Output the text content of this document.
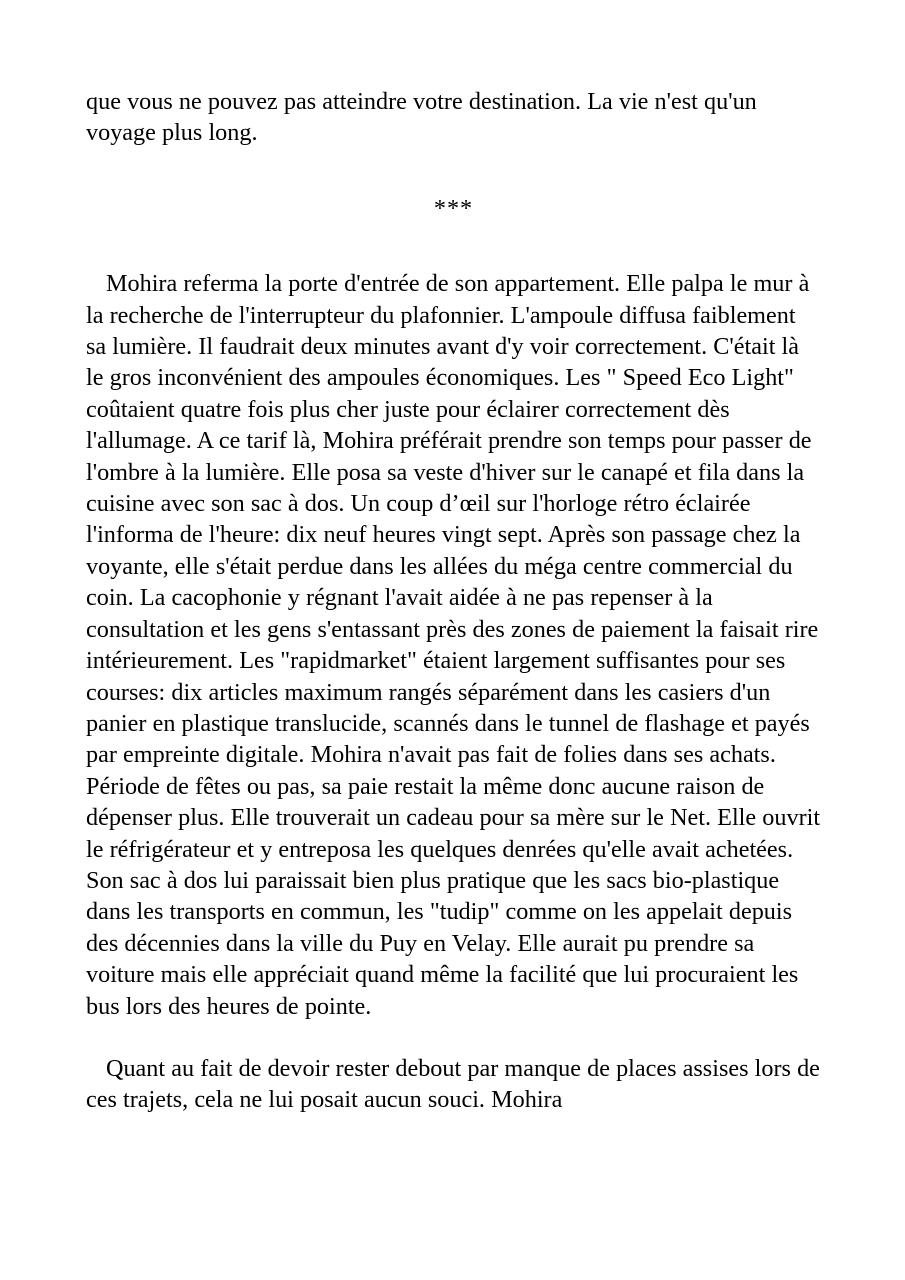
que vous ne pouvez pas atteindre votre destination. La vie n'est qu'un voyage plus long.

***

Mohira referma la porte d'entrée de son appartement. Elle palpa le mur à la recherche de l'interrupteur du plafonnier. L'ampoule diffusa faiblement sa lumière. Il faudrait deux minutes avant d'y voir correctement. C'était là le gros inconvénient des ampoules économiques. Les " Speed Eco Light" coûtaient quatre fois plus cher juste pour éclairer correctement dès l'allumage. A ce tarif là, Mohira préférait prendre son temps pour passer de l'ombre à la lumière. Elle posa sa veste d'hiver sur le canapé et fila dans la cuisine avec son sac à dos. Un coup d’œil sur l'horloge rétro éclairée l'informa de l'heure: dix neuf heures vingt sept. Après son passage chez la voyante, elle s'était perdue dans les allées du méga centre commercial du coin. La cacophonie y régnant l'avait aidée à ne pas repenser à la consultation et les gens s'entassant près des zones de paiement la faisait rire intérieurement. Les "rapidmarket" étaient largement suffisantes pour ses courses: dix articles maximum rangés séparément dans les casiers d'un panier en plastique translucide, scannés dans le tunnel de flashage et payés par empreinte digitale. Mohira n'avait pas fait de folies dans ses achats. Période de fêtes ou pas, sa paie restait la même donc aucune raison de dépenser plus. Elle trouverait un cadeau pour sa mère sur le Net. Elle ouvrit le réfrigérateur et y entreposa les quelques denrées qu'elle avait achetées. Son sac à dos lui paraissait bien plus pratique que les sacs bio-plastique dans les transports en commun, les "tudip" comme on les appelait depuis des décennies dans la ville du Puy en Velay. Elle aurait pu prendre sa voiture mais elle appréciait quand même la facilité que lui procuraient les bus lors des heures de pointe.

Quant au fait de devoir rester debout par manque de places assises lors de ces trajets, cela ne lui posait aucun souci. Mohira
